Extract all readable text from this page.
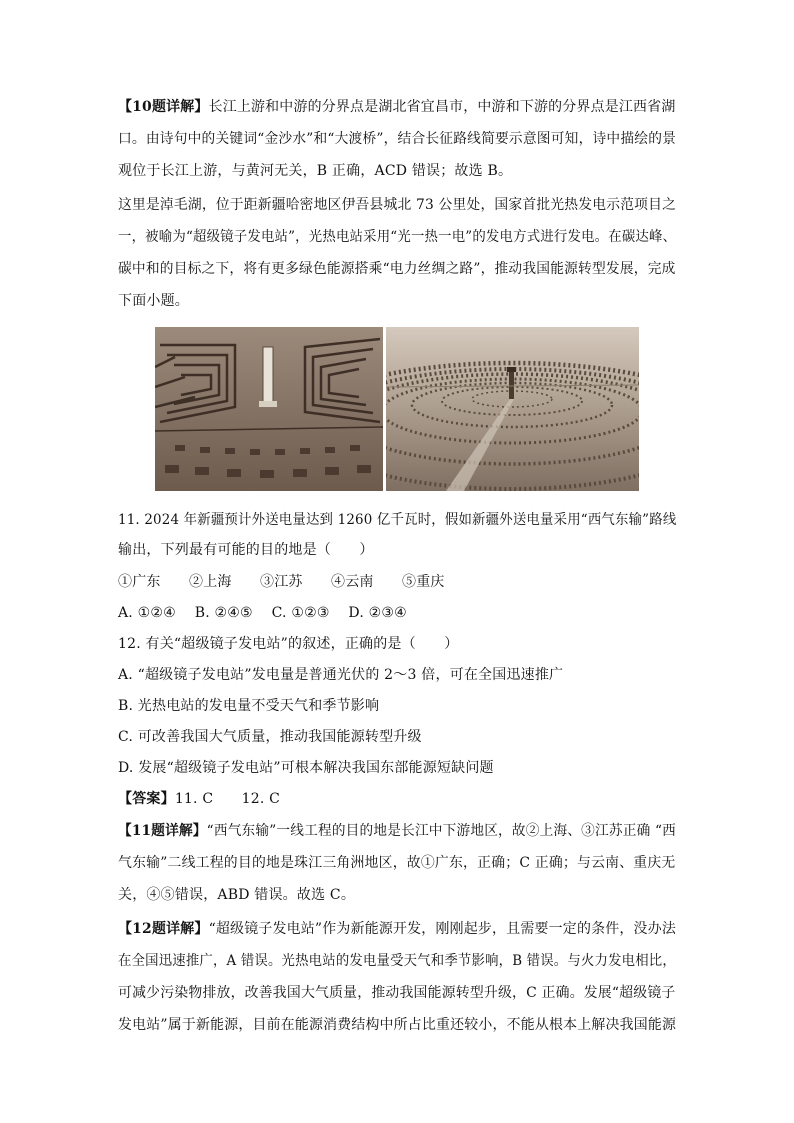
【10题详解】长江上游和中游的分界点是湖北省宜昌市，中游和下游的分界点是江西省湖
口。由诗句中的关键词“金沙水”和“大渡桥”，结合长征路线简要示意图可知，诗中描绘的景
观位于长江上游，与黄河无关，B 正确，ACD 错误；故选 B。
这里是淖毛湖，位于距新疆哈密地区伊吾县城北 73 公里处，国家首批光热发电示范项目之
一，被喻为“超级镜子发电站”，光热电站采用“光一热一电”的发电方式进行发电。在碳达峰、
碳中和的目标之下，将有更多绿色能源搭乘“电力丝绸之路”，推动我国能源转型发展，完成
下面小题。
11. 2024 年新疆预计外送电量达到 1260 亿千瓦时，假如新疆外送电量采用“西气东输”路线
输出，下列最有可能的目的地是（　　）
①广东　　②上海　　③江苏　　④云南　　⑤重庆
A. ①②④　 B. ②④⑤　 C. ①②③　 D. ②③④
12. 有关“超级镜子发电站”的叙述，正确的是（　　）
A. “超级镜子发电站”发电量是普通光伏的 2～3 倍，可在全国迅速推广
B. 光热电站的发电量不受天气和季节影响
C. 可改善我国大气质量，推动我国能源转型升级
D. 发展“超级镜子发电站”可根本解决我国东部能源短缺问题
【答案】11. C　　12. C
【11题详解】“西气东输”一线工程的目的地是长江中下游地区，故②上海、③江苏正确 “西
气东输”二线工程的目的地是珠江三角洲地区，故①广东，正确；C 正确；与云南、重庆无
关，④⑤错误，ABD 错误。故选 C。
【12题详解】“超级镜子发电站”作为新能源开发，刚刚起步，且需要一定的条件，没办法
在全国迅速推广，A 错误。光热电站的发电量受天气和季节影响，B 错误。与火力发电相比，
可减少污染物排放，改善我国大气质量，推动我国能源转型升级，C 正确。发展“超级镜子
发电站”属于新能源，目前在能源消费结构中所占比重还较小，不能从根本上解决我国能源
